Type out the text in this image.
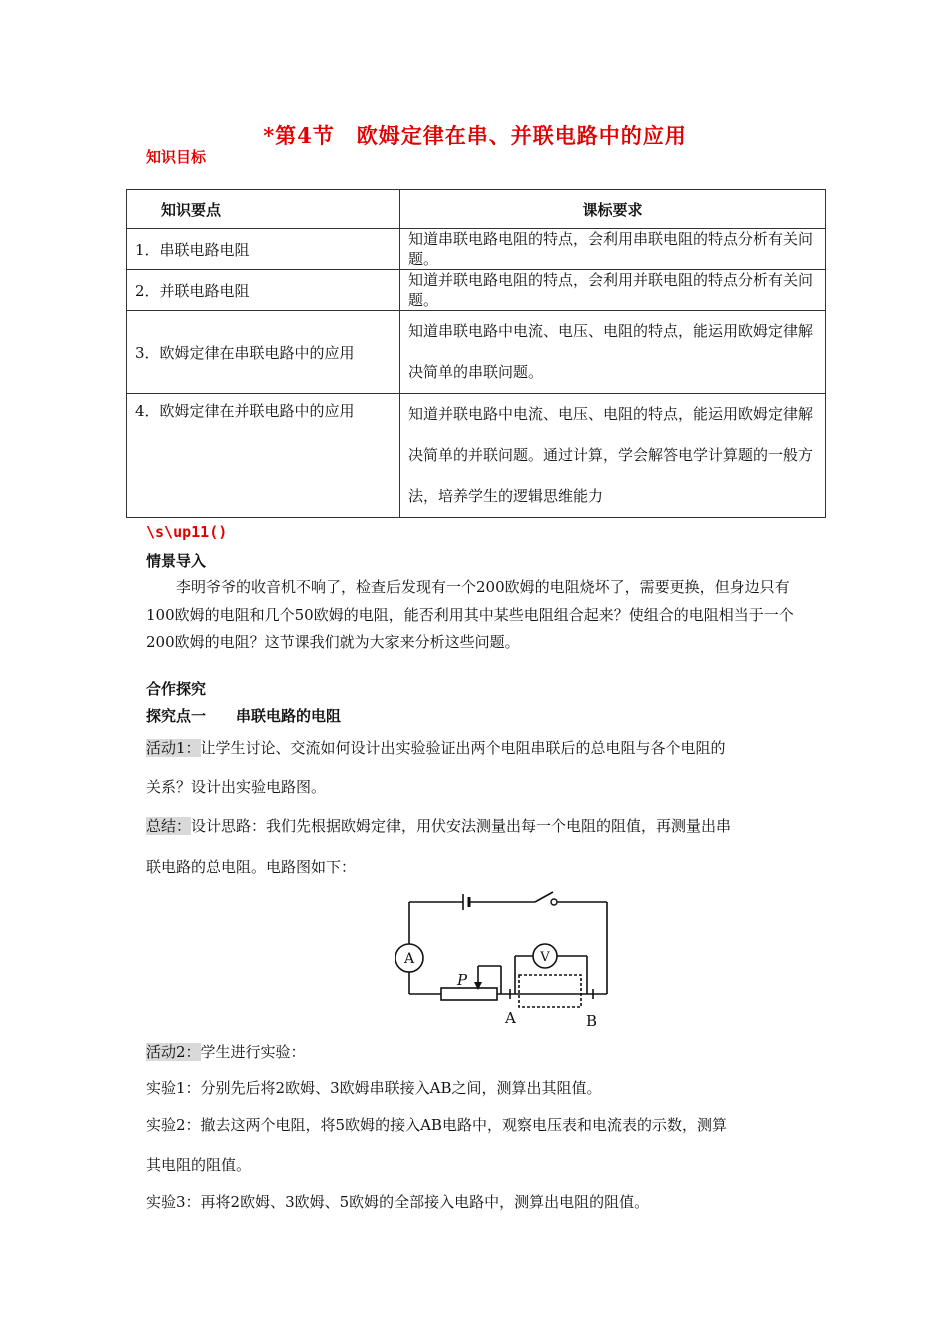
*第4节　欧姆定律在串、并联电路中的应用
知识目标
知识要点	课标要求
1．串联电路电阻	知道串联电路电阻的特点，会利用串联电阻的特点分析有关问题。
2．并联电路电阻	知道并联电路电阻的特点，会利用并联电阻的特点分析有关问题。
3．欧姆定律在串联电路中的应用	知道串联电路中电流、电压、电阻的特点，能运用欧姆定律解决简单的串联问题。
4．欧姆定律在并联电路中的应用	知道并联电路中电流、电压、电阻的特点，能运用欧姆定律解决简单的并联问题。通过计算，学会解答电学计算题的一般方法，培养学生的逻辑思维能力
\s\up11()
情景导入
李明爷爷的收音机不响了，检查后发现有一个200欧姆的电阻烧坏了，需要更换，但身边只有100欧姆的电阻和几个50欧姆的电阻，能否利用其中某些电阻组合起来？使组合的电阻相当于一个200欧姆的电阻？这节课我们就为大家来分析这些问题。
合作探究
探究点一　　串联电路的电阻
活动1：让学生讨论、交流如何设计出实验验证出两个电阻串联后的总电阻与各个电阻的
关系？设计出实验电路图。
总结：设计思路：我们先根据欧姆定律，用伏安法测量出每一个电阻的阻值，再测量出串
联电路的总电阻。电路图如下：
A	V
P
A	B
活动2：学生进行实验：
实验1：分别先后将2欧姆、3欧姆串联接入AB之间，测算出其阻值。
实验2：撤去这两个电阻，将5欧姆的接入AB电路中，观察电压表和电流表的示数，测算
其电阻的阻值。
实验3：再将2欧姆、3欧姆、5欧姆的全部接入电路中，测算出电阻的阻值。
